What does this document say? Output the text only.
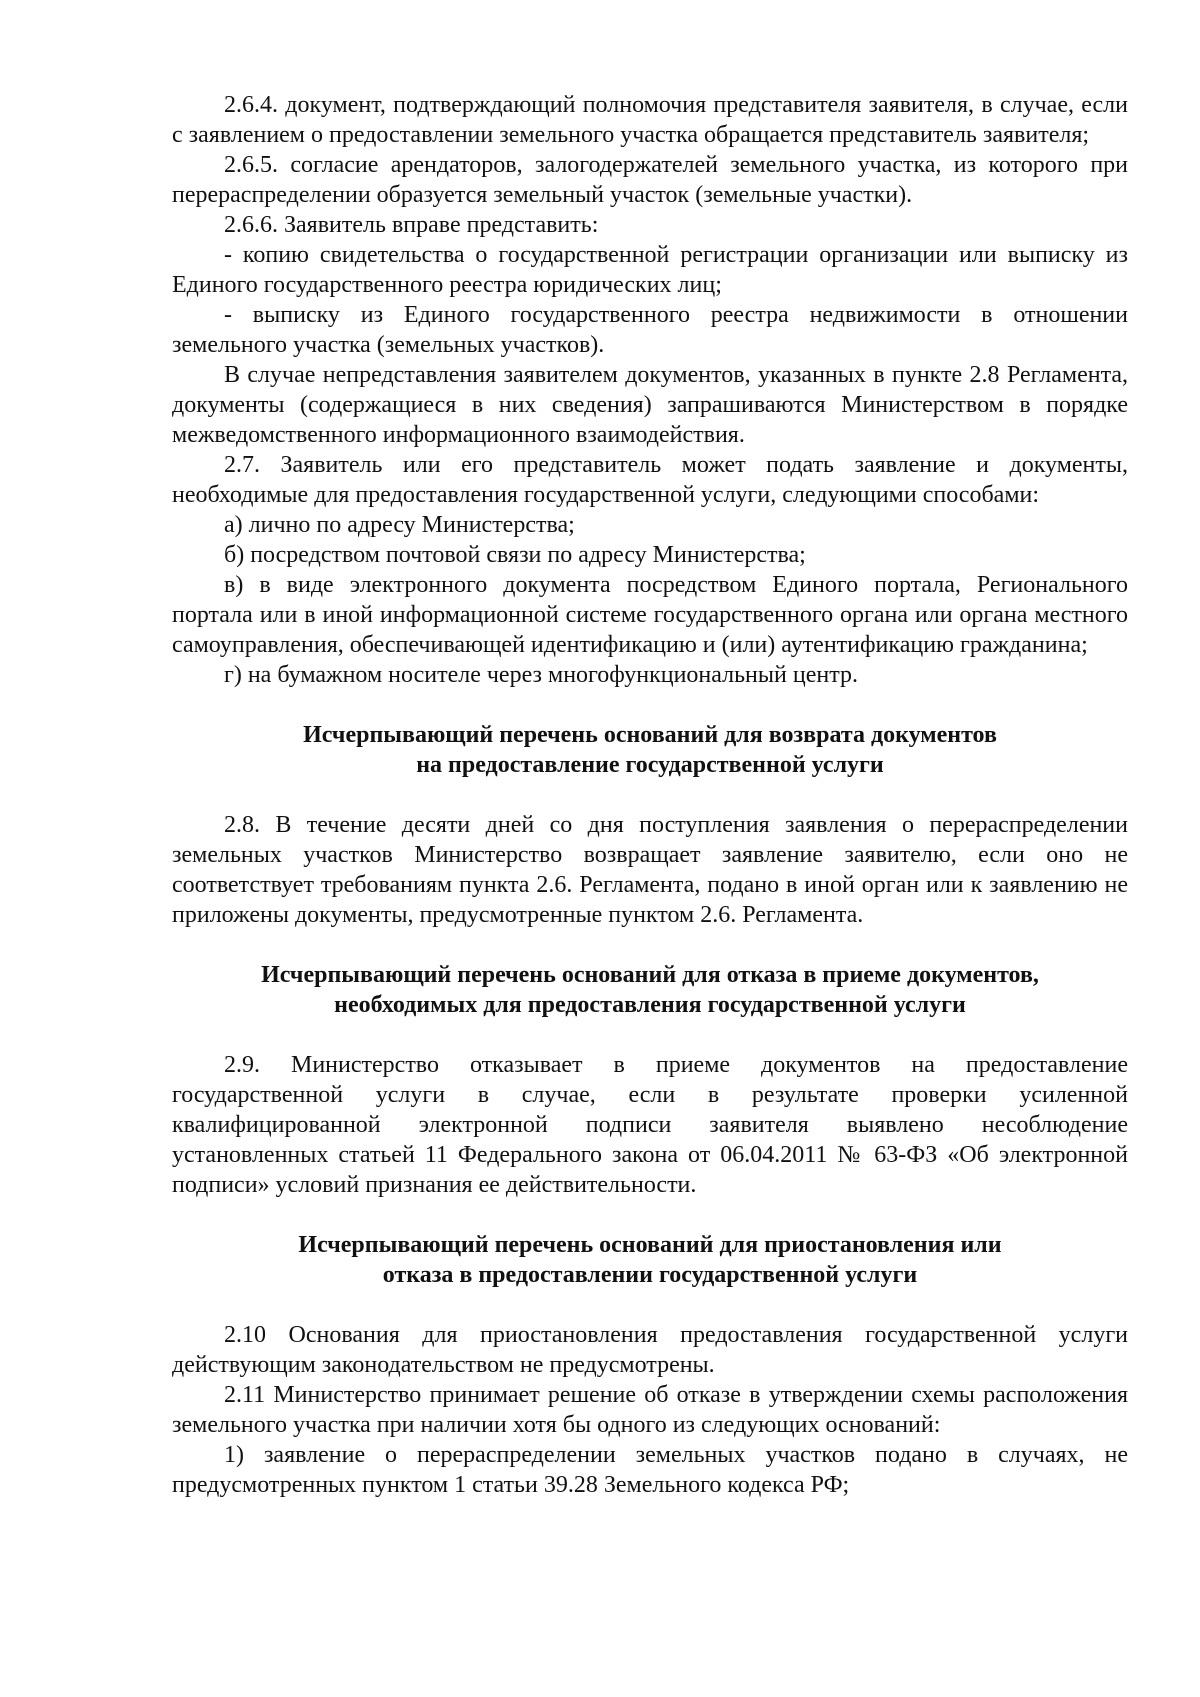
2.6.4. документ, подтверждающий полномочия представителя заявителя, в случае, если с заявлением о предоставлении земельного участка обращается представитель заявителя;

2.6.5. согласие арендаторов, залогодержателей земельного участка, из которого при перераспределении образуется земельный участок (земельные участки).

2.6.6. Заявитель вправе представить:

- копию свидетельства о государственной регистрации организации или выписку из Единого государственного реестра юридических лиц;

- выписку из Единого государственного реестра недвижимости в отношении земельного участка (земельных участков).

В случае непредставления заявителем документов, указанных в пункте 2.8 Регламента, документы (содержащиеся в них сведения) запрашиваются Министерством в порядке межведомственного информационного взаимодействия.

2.7. Заявитель или его представитель может подать заявление и документы, необходимые для предоставления государственной услуги, следующими способами:

а) лично по адресу Министерства;

б) посредством почтовой связи по адресу Министерства;

в) в виде электронного документа посредством Единого портала, Регионального портала или в иной информационной системе государственного органа или органа местного самоуправления, обеспечивающей идентификацию и (или) аутентификацию гражданина;

г) на бумажном носителе через многофункциональный центр.

Исчерпывающий перечень оснований для возврата документов

на предоставление государственной услуги

2.8. В течение десяти дней со дня поступления заявления о перераспределении земельных участков Министерство возвращает заявление заявителю, если оно не соответствует требованиям пункта 2.6. Регламента, подано в иной орган или к заявлению не приложены документы, предусмотренные пунктом 2.6. Регламента.

Исчерпывающий перечень оснований для отказа в приеме документов,

необходимых для предоставления государственной услуги

2.9. Министерство отказывает в приеме документов на предоставление государственной услуги в случае, если в результате проверки усиленной квалифицированной электронной подписи заявителя выявлено несоблюдение установленных статьей 11 Федерального закона от 06.04.2011 № 63-ФЗ «Об электронной подписи» условий признания ее действительности.

Исчерпывающий перечень оснований для приостановления или

отказа в предоставлении государственной услуги

2.10 Основания для приостановления предоставления государственной услуги действующим законодательством не предусмотрены.

2.11 Министерство принимает решение об отказе в утверждении схемы расположения земельного участка при наличии хотя бы одного из следующих оснований:

1) заявление о перераспределении земельных участков подано в случаях, не предусмотренных пунктом 1 статьи 39.28 Земельного кодекса РФ;
